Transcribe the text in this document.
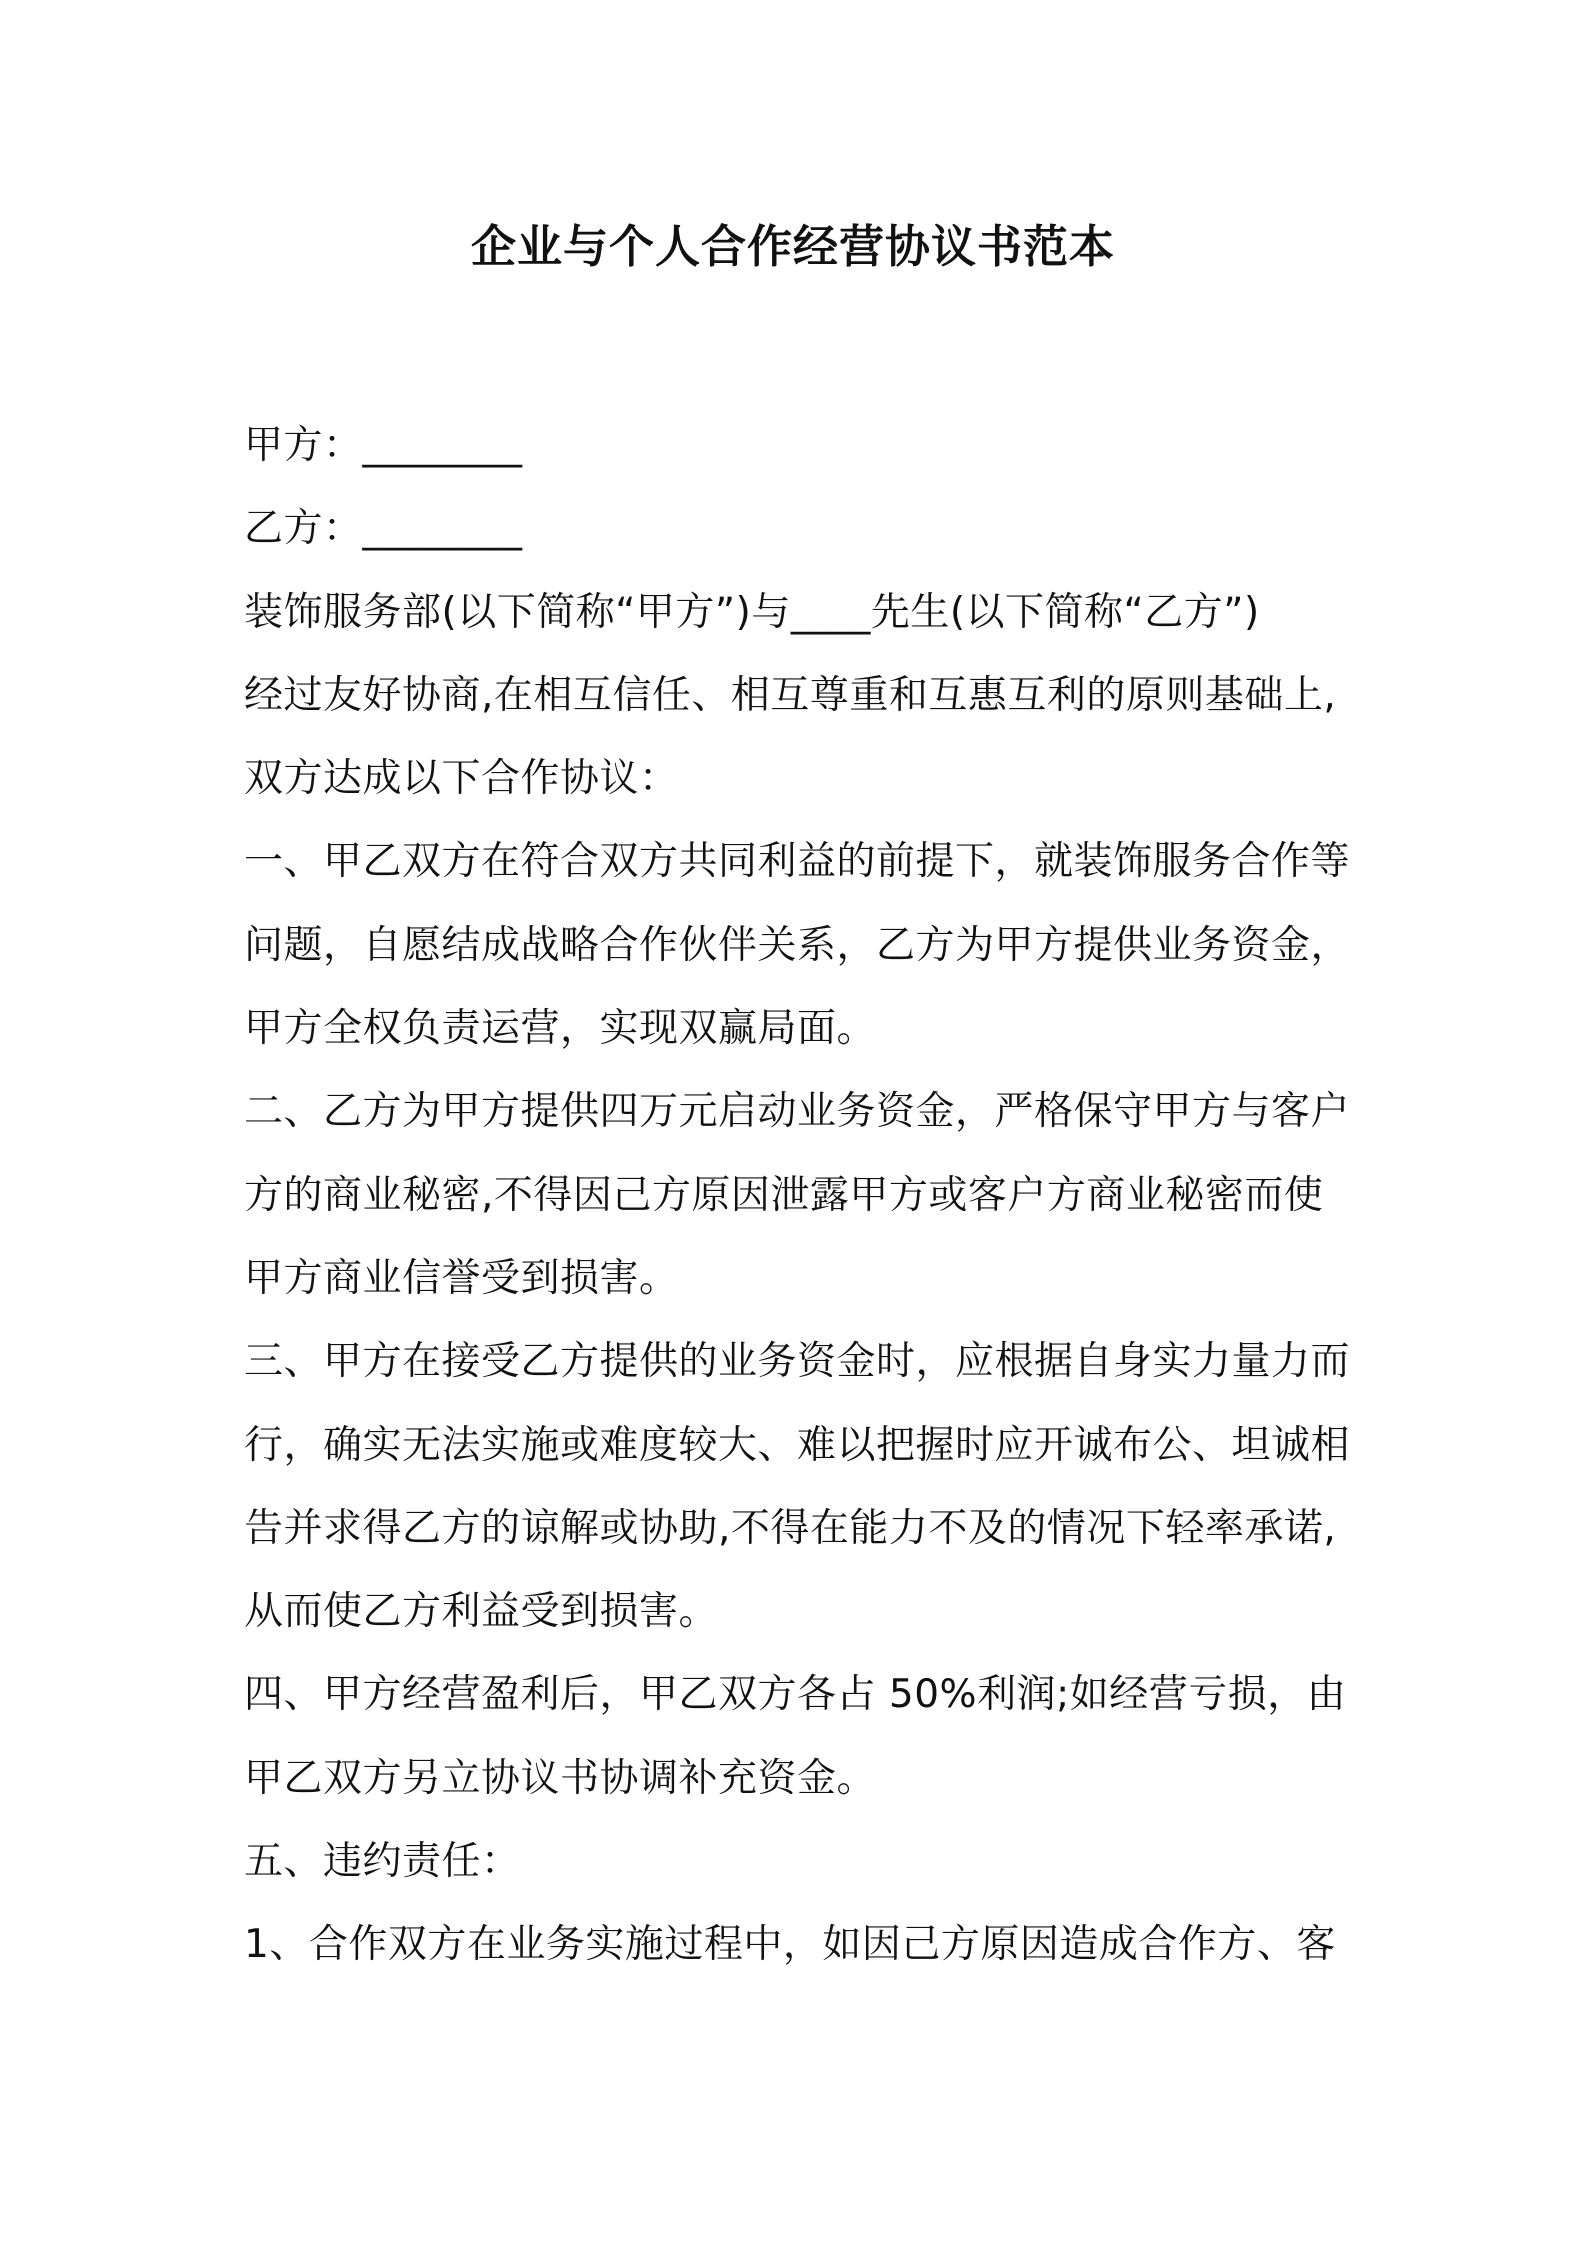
企业与个人合作经营协议书范本
甲方：________
乙方：________
装饰服务部(以下简称“甲方”)与____先生(以下简称“乙方”)
经过友好协商,在相互信任、相互尊重和互惠互利的原则基础上,
双方达成以下合作协议：
一、甲乙双方在符合双方共同利益的前提下，就装饰服务合作等
问题，自愿结成战略合作伙伴关系，乙方为甲方提供业务资金，
甲方全权负责运营，实现双赢局面。
二、乙方为甲方提供四万元启动业务资金，严格保守甲方与客户
方的商业秘密,不得因己方原因泄露甲方或客户方商业秘密而使
甲方商业信誉受到损害。
三、甲方在接受乙方提供的业务资金时，应根据自身实力量力而
行，确实无法实施或难度较大、难以把握时应开诚布公、坦诚相
告并求得乙方的谅解或协助,不得在能力不及的情况下轻率承诺,
从而使乙方利益受到损害。
四、甲方经营盈利后，甲乙双方各占 50%利润;如经营亏损，由
甲乙双方另立协议书协调补充资金。
五、违约责任：
1、合作双方在业务实施过程中，如因己方原因造成合作方、客
